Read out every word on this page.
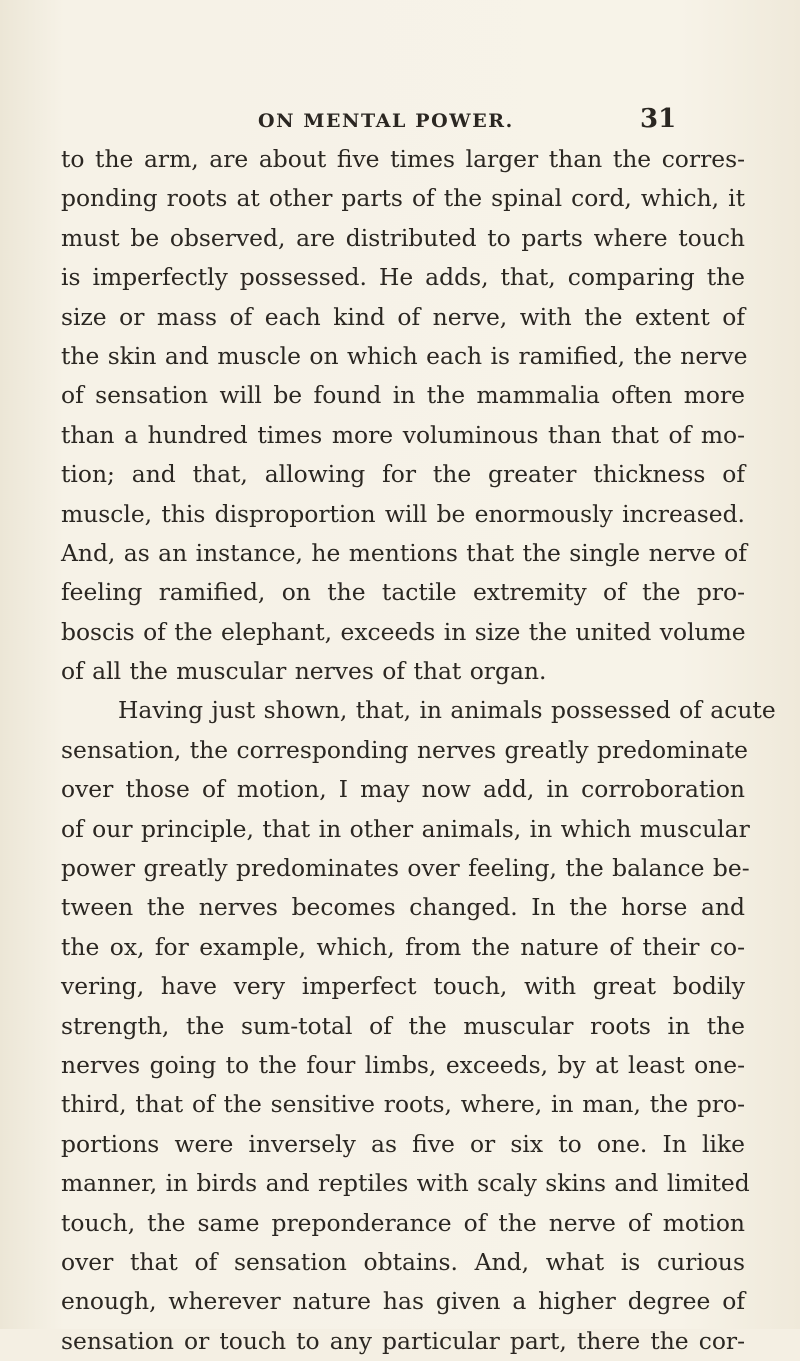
ON MENTAL POWER.	31
to the arm, are about five times larger than the corres-
ponding roots at other parts of the spinal cord, which, it
must be observed, are distributed to parts where touch
is imperfectly possessed. He adds, that, comparing the
size or mass of each kind of nerve, with the extent of
the skin and muscle on which each is ramified, the nerve
of sensation will be found in the mammalia often more
than a hundred times more voluminous than that of mo-
tion; and that, allowing for the greater thickness of
muscle, this disproportion will be enormously increased.
And, as an instance, he mentions that the single nerve of
feeling ramified, on the tactile extremity of the pro-
boscis of the elephant, exceeds in size the united volume
of all the muscular nerves of that organ.
Having just shown, that, in animals possessed of acute
sensation, the corresponding nerves greatly predominate
over those of motion, I may now add, in corroboration
of our principle, that in other animals, in which muscular
power greatly predominates over feeling, the balance be-
tween the nerves becomes changed. In the horse and
the ox, for example, which, from the nature of their co-
vering, have very imperfect touch, with great bodily
strength, the sum-total of the muscular roots in the
nerves going to the four limbs, exceeds, by at least one-
third, that of the sensitive roots, where, in man, the pro-
portions were inversely as five or six to one. In like
manner, in birds and reptiles with scaly skins and limited
touch, the same preponderance of the nerve of motion
over that of sensation obtains. And, what is curious
enough, wherever nature has given a higher degree of
sensation or touch to any particular part, there the cor-
